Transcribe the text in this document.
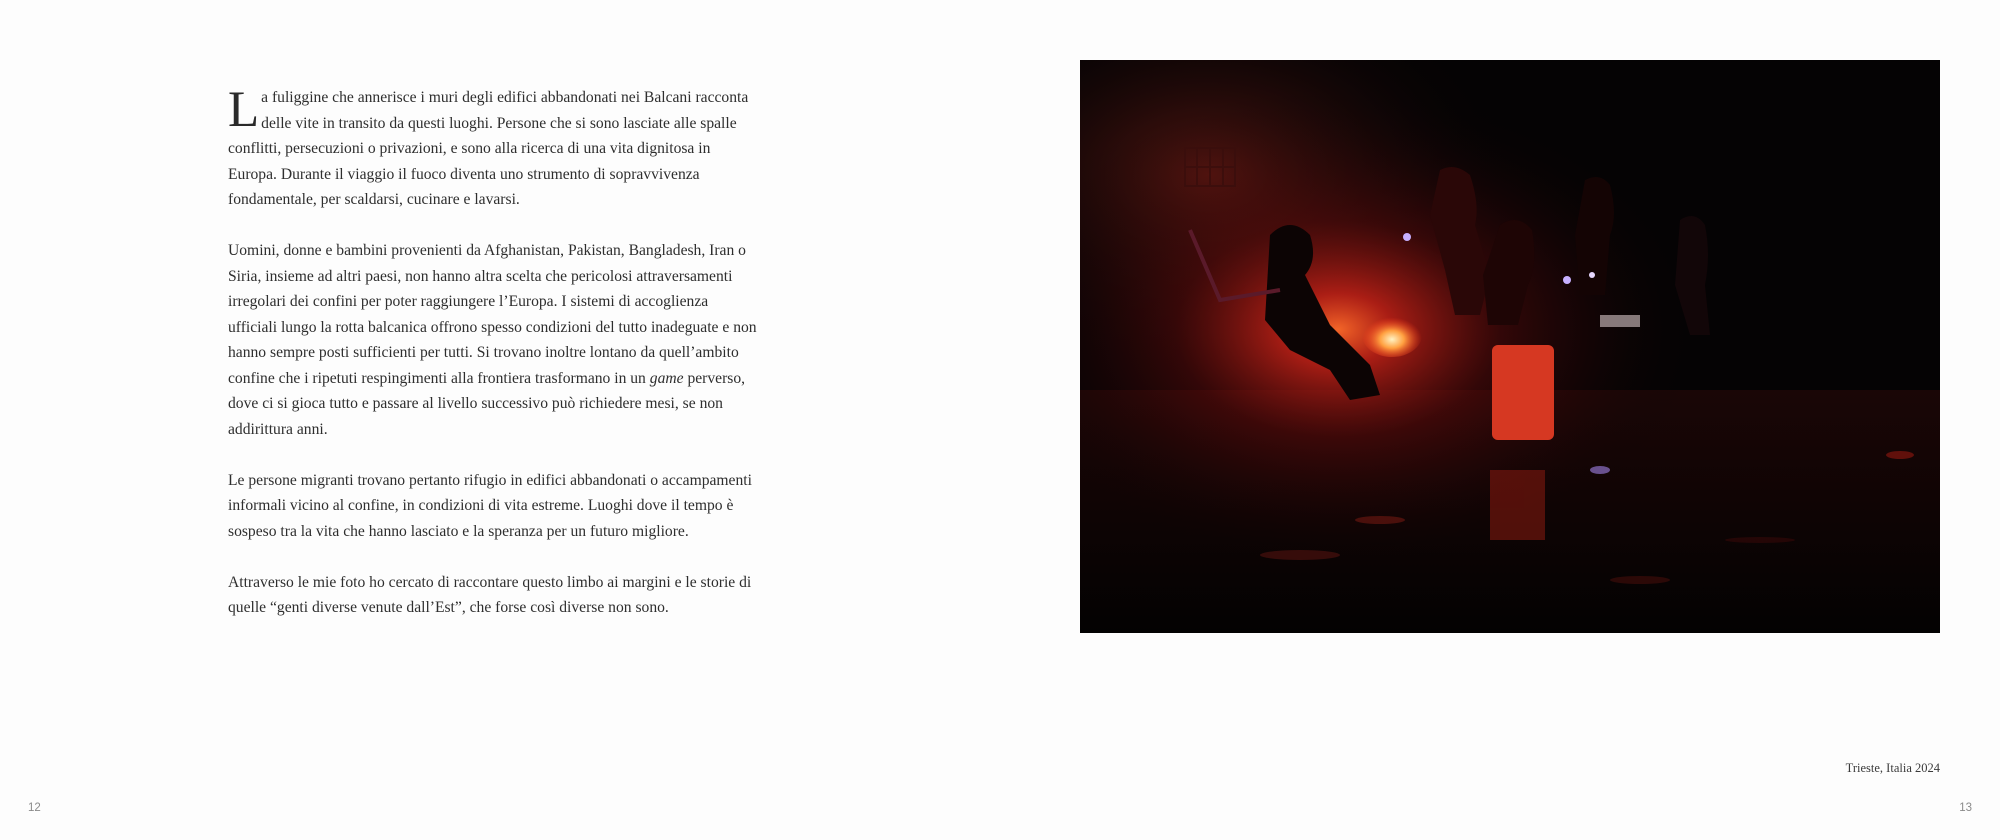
La fuliggine che annerisce i muri degli edifici abbandonati nei Balcani racconta delle vite in transito da questi luoghi. Persone che si sono lasciate alle spalle conflitti, persecuzioni o privazioni, e sono alla ricerca di una vita dignitosa in Europa. Durante il viaggio il fuoco diventa uno strumento di sopravvivenza fondamentale, per scaldarsi, cucinare e lavarsi.

Uomini, donne e bambini provenienti da Afghanistan, Pakistan, Bangladesh, Iran o Siria, insieme ad altri paesi, non hanno altra scelta che pericolosi attraversamenti irregolari dei confini per poter raggiungere l’Europa. I sistemi di accoglienza ufficiali lungo la rotta balcanica offrono spesso condizioni del tutto inadeguate e non hanno sempre posti sufficienti per tutti. Si trovano inoltre lontano da quell’ambito confine che i ripetuti respingimenti alla frontiera trasformano in un game perverso, dove ci si gioca tutto e passare al livello successivo può richiedere mesi, se non addirittura anni.

Le persone migranti trovano pertanto rifugio in edifici abbandonati o accampamenti informali vicino al confine, in condizioni di vita estreme. Luoghi dove il tempo è sospeso tra la vita che hanno lasciato e la speranza per un futuro migliore.

Attraverso le mie foto ho cercato di raccontare questo limbo ai margini e le storie di quelle “genti diverse venute dall’Est”, che forse così diverse non sono.

12
Trieste, Italia 2024
13
